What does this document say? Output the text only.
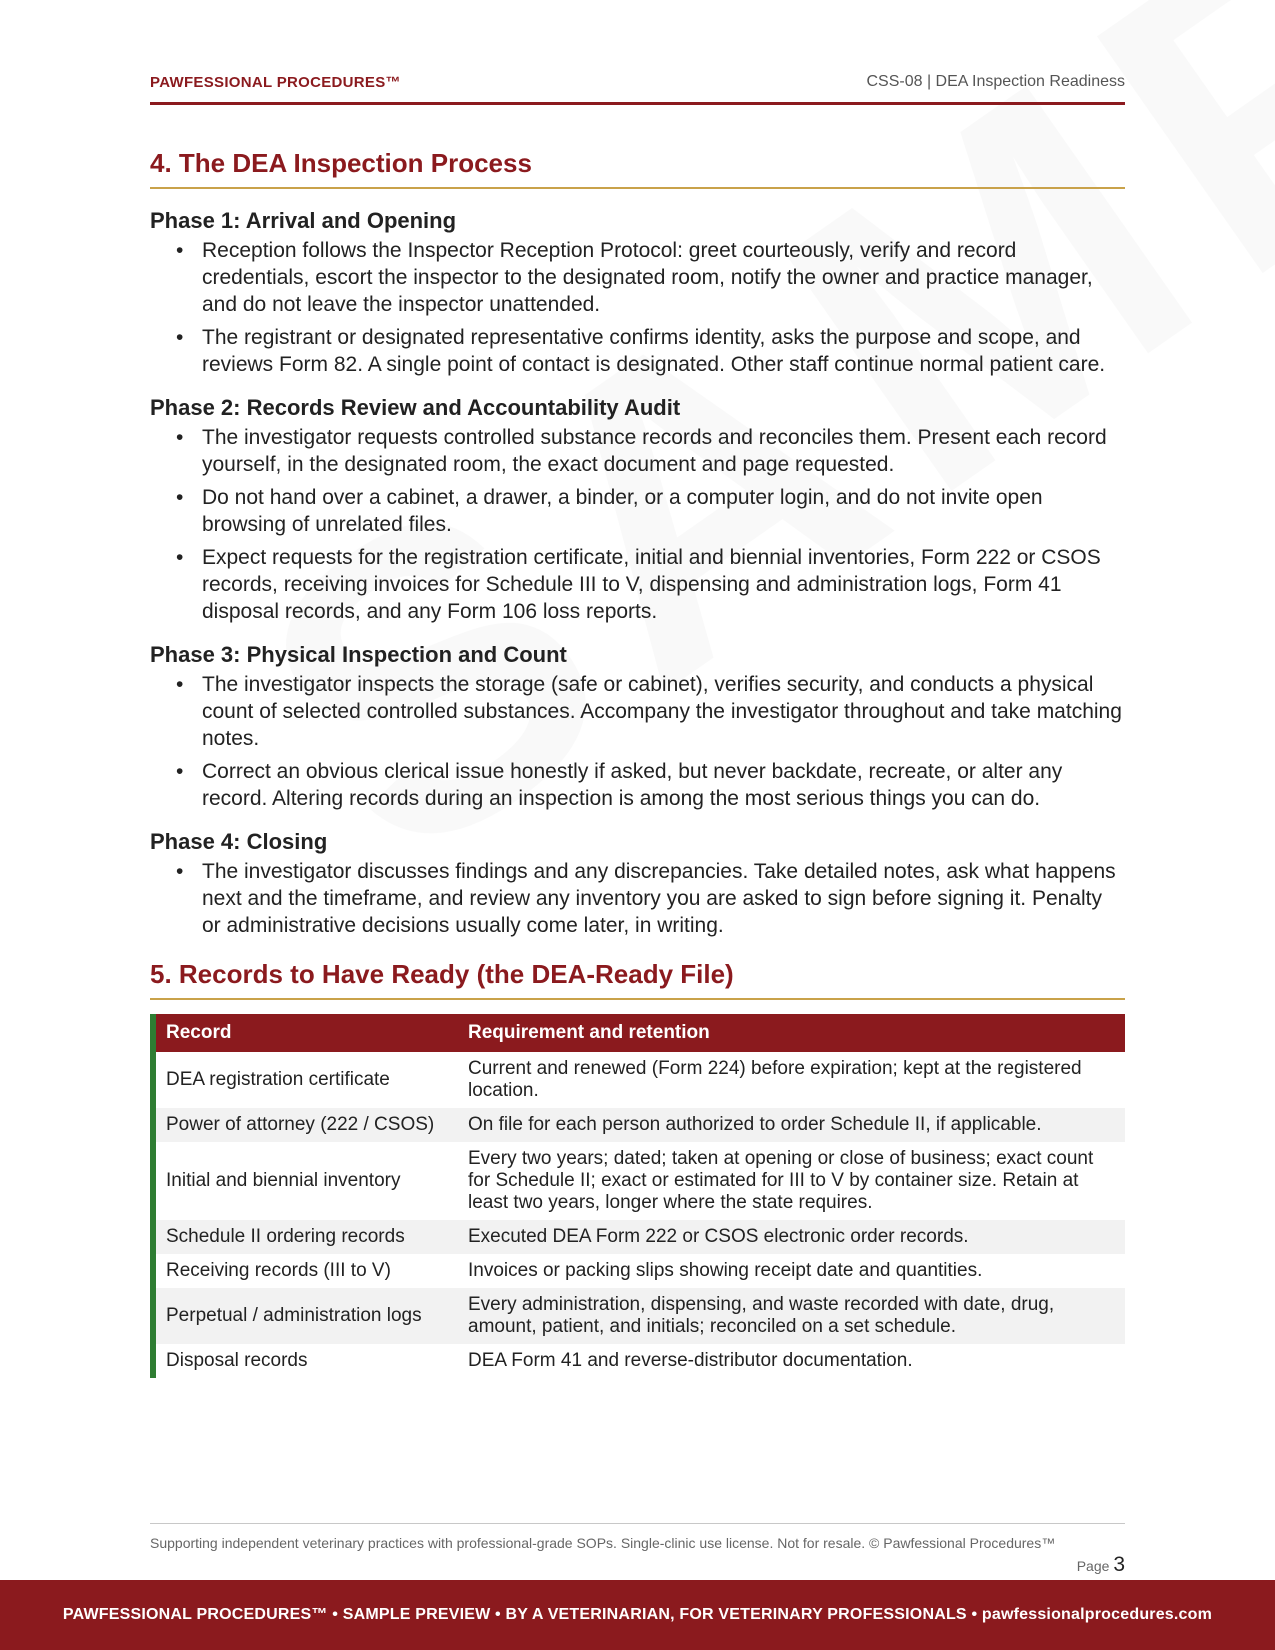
PAWFESSIONAL PROCEDURES™	CSS-08 | DEA Inspection Readiness
4. The DEA Inspection Process
Phase 1: Arrival and Opening
• Reception follows the Inspector Reception Protocol: greet courteously, verify and record credentials, escort the inspector to the designated room, notify the owner and practice manager, and do not leave the inspector unattended.
• The registrant or designated representative confirms identity, asks the purpose and scope, and reviews Form 82. A single point of contact is designated. Other staff continue normal patient care.
Phase 2: Records Review and Accountability Audit
• The investigator requests controlled substance records and reconciles them. Present each record yourself, in the designated room, the exact document and page requested.
• Do not hand over a cabinet, a drawer, a binder, or a computer login, and do not invite open browsing of unrelated files.
• Expect requests for the registration certificate, initial and biennial inventories, Form 222 or CSOS records, receiving invoices for Schedule III to V, dispensing and administration logs, Form 41 disposal records, and any Form 106 loss reports.
Phase 3: Physical Inspection and Count
• The investigator inspects the storage (safe or cabinet), verifies security, and conducts a physical count of selected controlled substances. Accompany the investigator throughout and take matching notes.
• Correct an obvious clerical issue honestly if asked, but never backdate, recreate, or alter any record. Altering records during an inspection is among the most serious things you can do.
Phase 4: Closing
• The investigator discusses findings and any discrepancies. Take detailed notes, ask what happens next and the timeframe, and review any inventory you are asked to sign before signing it. Penalty or administrative decisions usually come later, in writing.
5. Records to Have Ready (the DEA-Ready File)
Record	Requirement and retention
DEA registration certificate	Current and renewed (Form 224) before expiration; kept at the registered location.
Power of attorney (222 / CSOS)	On file for each person authorized to order Schedule II, if applicable.
Initial and biennial inventory	Every two years; dated; taken at opening or close of business; exact count for Schedule II; exact or estimated for III to V by container size. Retain at least two years, longer where the state requires.
Schedule II ordering records	Executed DEA Form 222 or CSOS electronic order records.
Receiving records (III to V)	Invoices or packing slips showing receipt date and quantities.
Perpetual / administration logs	Every administration, dispensing, and waste recorded with date, drug, amount, patient, and initials; reconciled on a set schedule.
Disposal records	DEA Form 41 and reverse-distributor documentation.
Supporting independent veterinary practices with professional-grade SOPs. Single-clinic use license. Not for resale. © Pawfessional Procedures™
Page 3
PAWFESSIONAL PROCEDURES™ • SAMPLE PREVIEW • BY A VETERINARIAN, FOR VETERINARY PROFESSIONALS • pawfessionalprocedures.com
